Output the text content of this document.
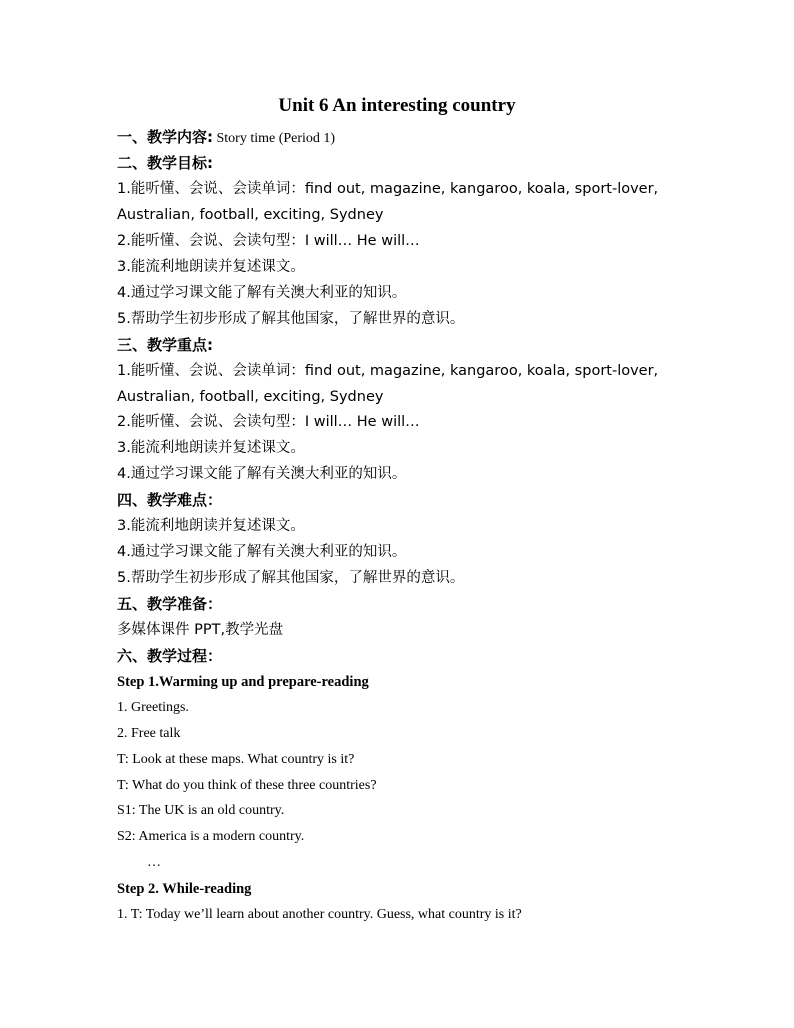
Unit 6 An interesting country
一、教学内容: Story time (Period 1)
二、教学目标:
1.能听懂、会说、会读单词：find out, magazine, kangaroo, koala, sport-lover,
Australian, football, exciting, Sydney
2.能听懂、会说、会读句型：I will… He will…
3.能流利地朗读并复述课文。
4.通过学习课文能了解有关澳大利亚的知识。
5.帮助学生初步形成了解其他国家，了解世界的意识。
三、教学重点:
1.能听懂、会说、会读单词：find out, magazine, kangaroo, koala, sport-lover,
Australian, football, exciting, Sydney
2.能听懂、会说、会读句型：I will… He will…
3.能流利地朗读并复述课文。
4.通过学习课文能了解有关澳大利亚的知识。
四、教学难点：
3.能流利地朗读并复述课文。
4.通过学习课文能了解有关澳大利亚的知识。
5.帮助学生初步形成了解其他国家，了解世界的意识。
五、教学准备：
多媒体课件 PPT,教学光盘
六、教学过程：
Step 1.Warming up and prepare-reading
1. Greetings.
2. Free talk
T: Look at these maps. What country is it?
T: What do you think of these three countries?
S1: The UK is an old country.
S2: America is a modern country.
…
Step 2. While-reading
1. T: Today we’ll learn about another country. Guess, what country is it?
